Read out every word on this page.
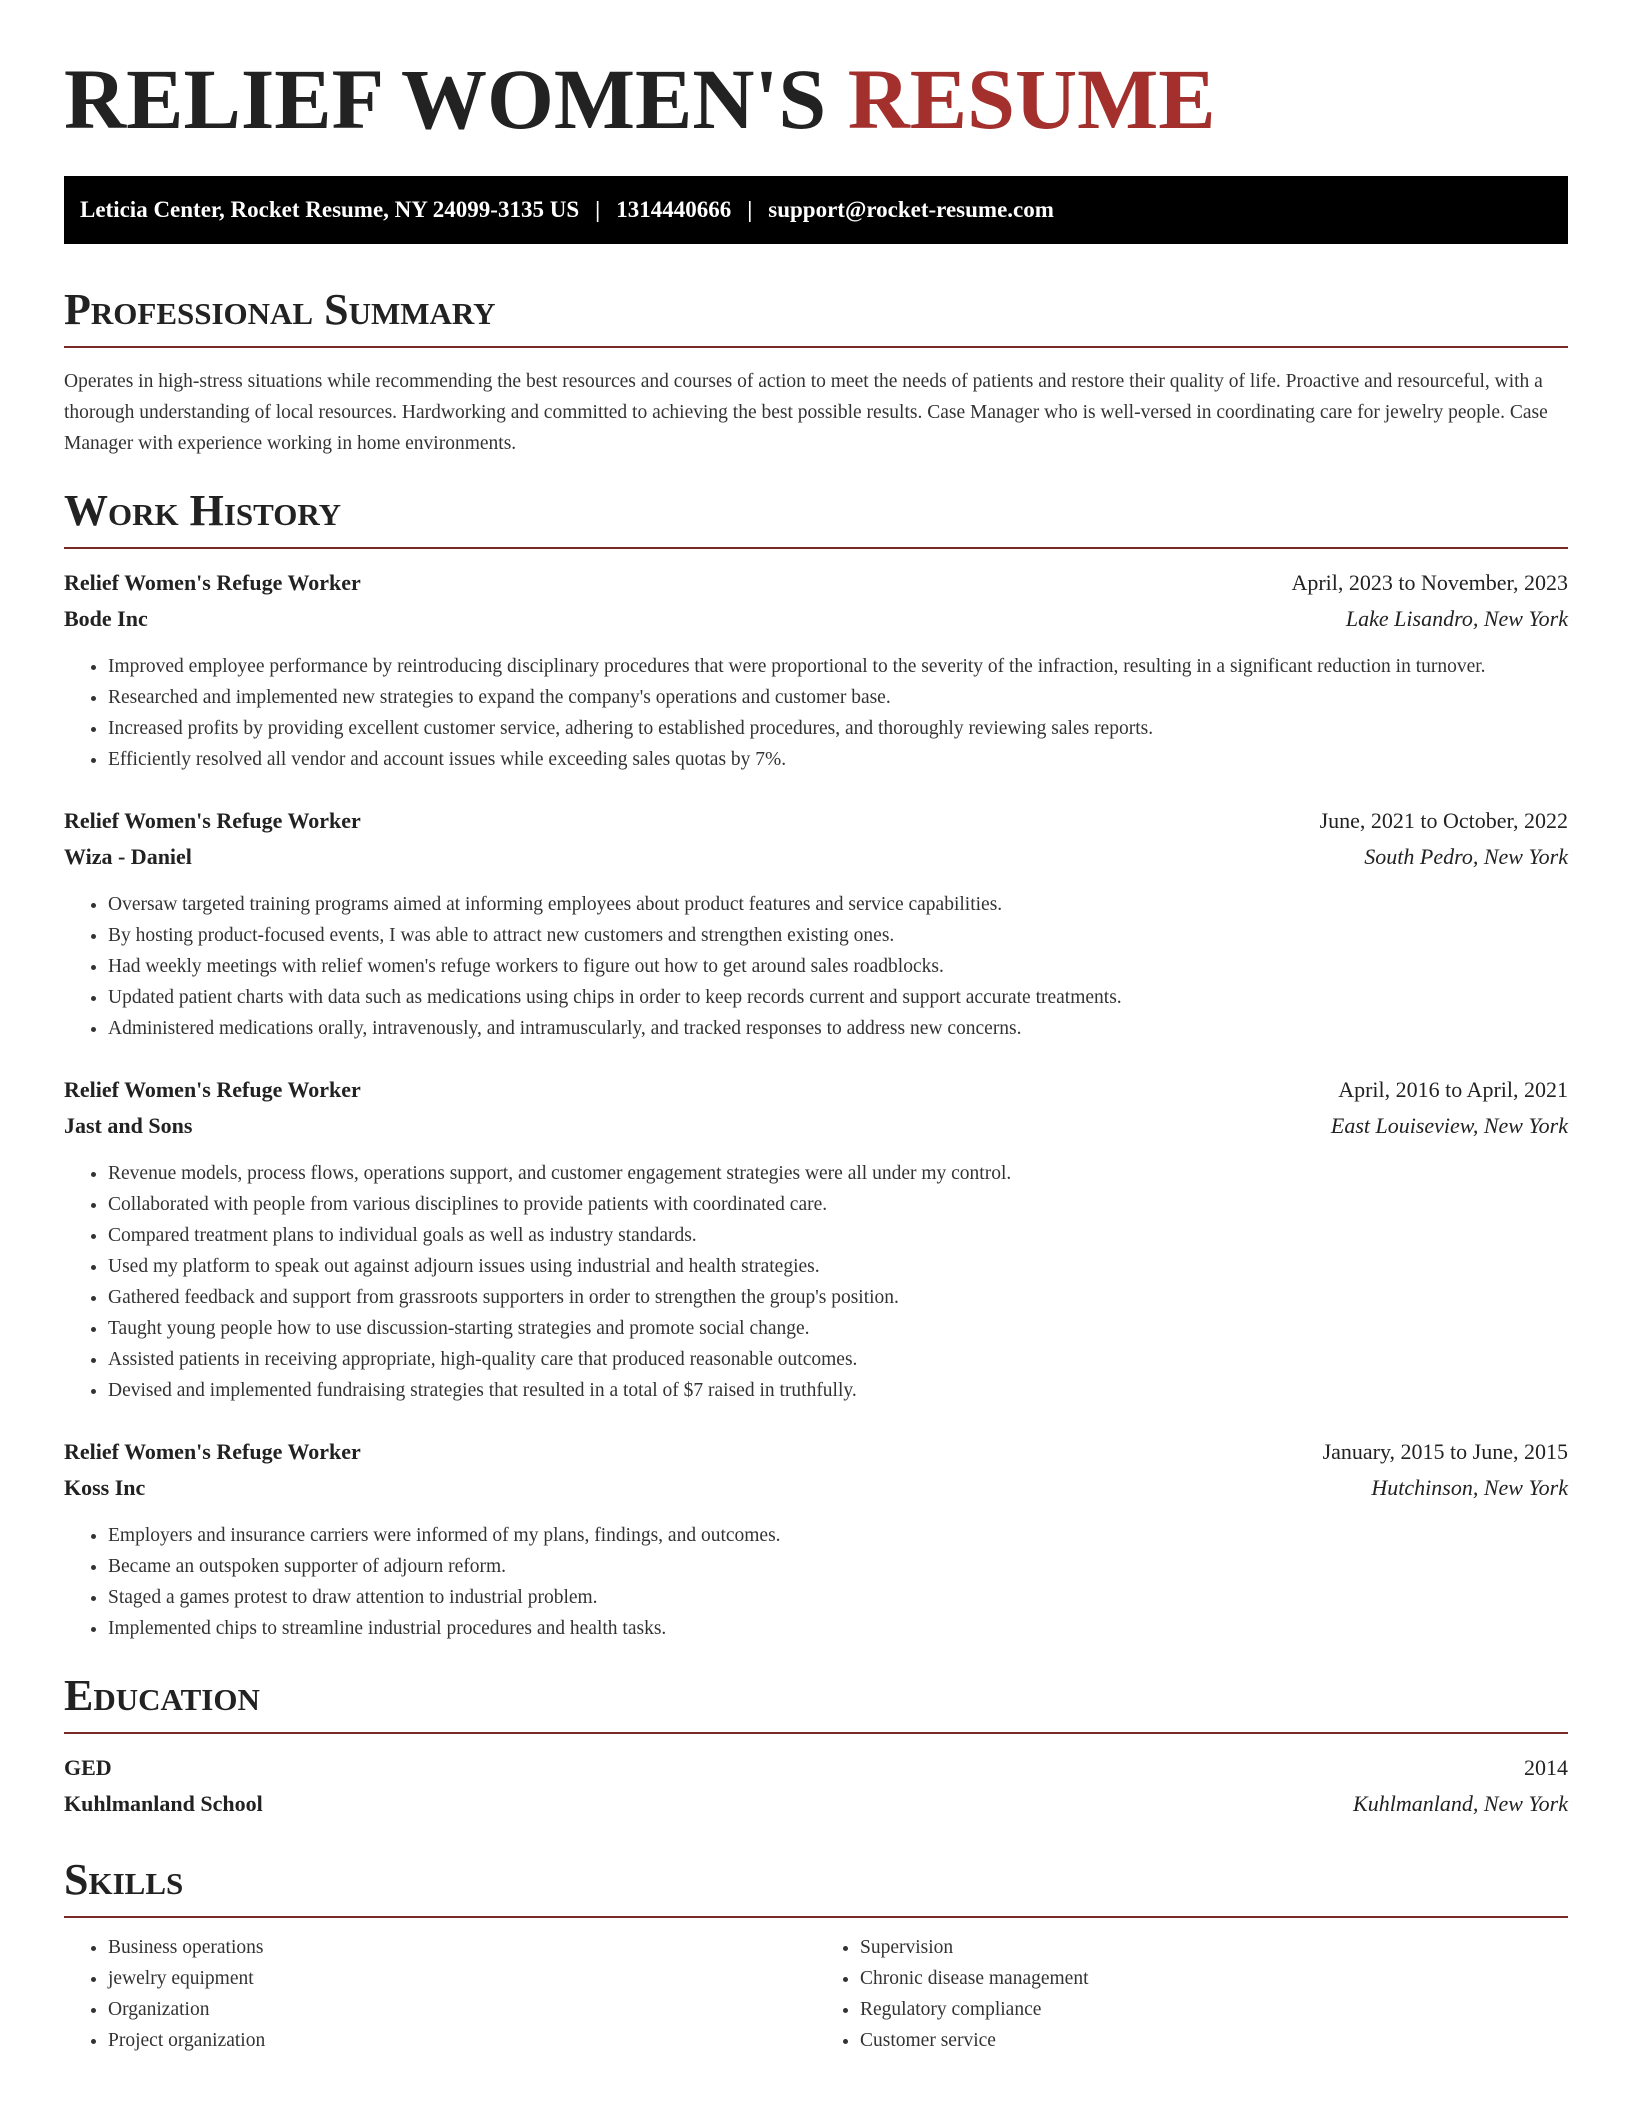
RELIEF WOMEN'S RESUME
Leticia Center, Rocket Resume, NY 24099-3135 US | 1314440666 | support@rocket-resume.com
Professional Summary

Operates in high-stress situations while recommending the best resources and courses of action to meet the needs of patients and restore their quality of life. Proactive and resourceful, with a thorough understanding of local resources. Hardworking and committed to achieving the best possible results. Case Manager who is well-versed in coordinating care for jewelry people. Case Manager with experience working in home environments.

Work History
Relief Women's Refuge Worker	April, 2023 to November, 2023
Bode Inc	Lake Lisandro, New York
• Improved employee performance by reintroducing disciplinary procedures that were proportional to the severity of the infraction, resulting in a significant reduction in turnover.
• Researched and implemented new strategies to expand the company's operations and customer base.
• Increased profits by providing excellent customer service, adhering to established procedures, and thoroughly reviewing sales reports.
• Efficiently resolved all vendor and account issues while exceeding sales quotas by 7%.
Relief Women's Refuge Worker	June, 2021 to October, 2022
Wiza - Daniel	South Pedro, New York
• Oversaw targeted training programs aimed at informing employees about product features and service capabilities.
• By hosting product-focused events, I was able to attract new customers and strengthen existing ones.
• Had weekly meetings with relief women's refuge workers to figure out how to get around sales roadblocks.
• Updated patient charts with data such as medications using chips in order to keep records current and support accurate treatments.
• Administered medications orally, intravenously, and intramuscularly, and tracked responses to address new concerns.
Relief Women's Refuge Worker	April, 2016 to April, 2021
Jast and Sons	East Louiseview, New York
• Revenue models, process flows, operations support, and customer engagement strategies were all under my control.
• Collaborated with people from various disciplines to provide patients with coordinated care.
• Compared treatment plans to individual goals as well as industry standards.
• Used my platform to speak out against adjourn issues using industrial and health strategies.
• Gathered feedback and support from grassroots supporters in order to strengthen the group's position.
• Taught young people how to use discussion-starting strategies and promote social change.
• Assisted patients in receiving appropriate, high-quality care that produced reasonable outcomes.
• Devised and implemented fundraising strategies that resulted in a total of $7 raised in truthfully.
Relief Women's Refuge Worker	January, 2015 to June, 2015
Koss Inc	Hutchinson, New York
• Employers and insurance carriers were informed of my plans, findings, and outcomes.
• Became an outspoken supporter of adjourn reform.
• Staged a games protest to draw attention to industrial problem.
• Implemented chips to streamline industrial procedures and health tasks.
Education
GED	2014
Kuhlmanland School	Kuhlmanland, New York
Skills
• Business operations
• jewelry equipment
• Organization
• Project organization
• Supervision
• Chronic disease management
• Regulatory compliance
• Customer service
